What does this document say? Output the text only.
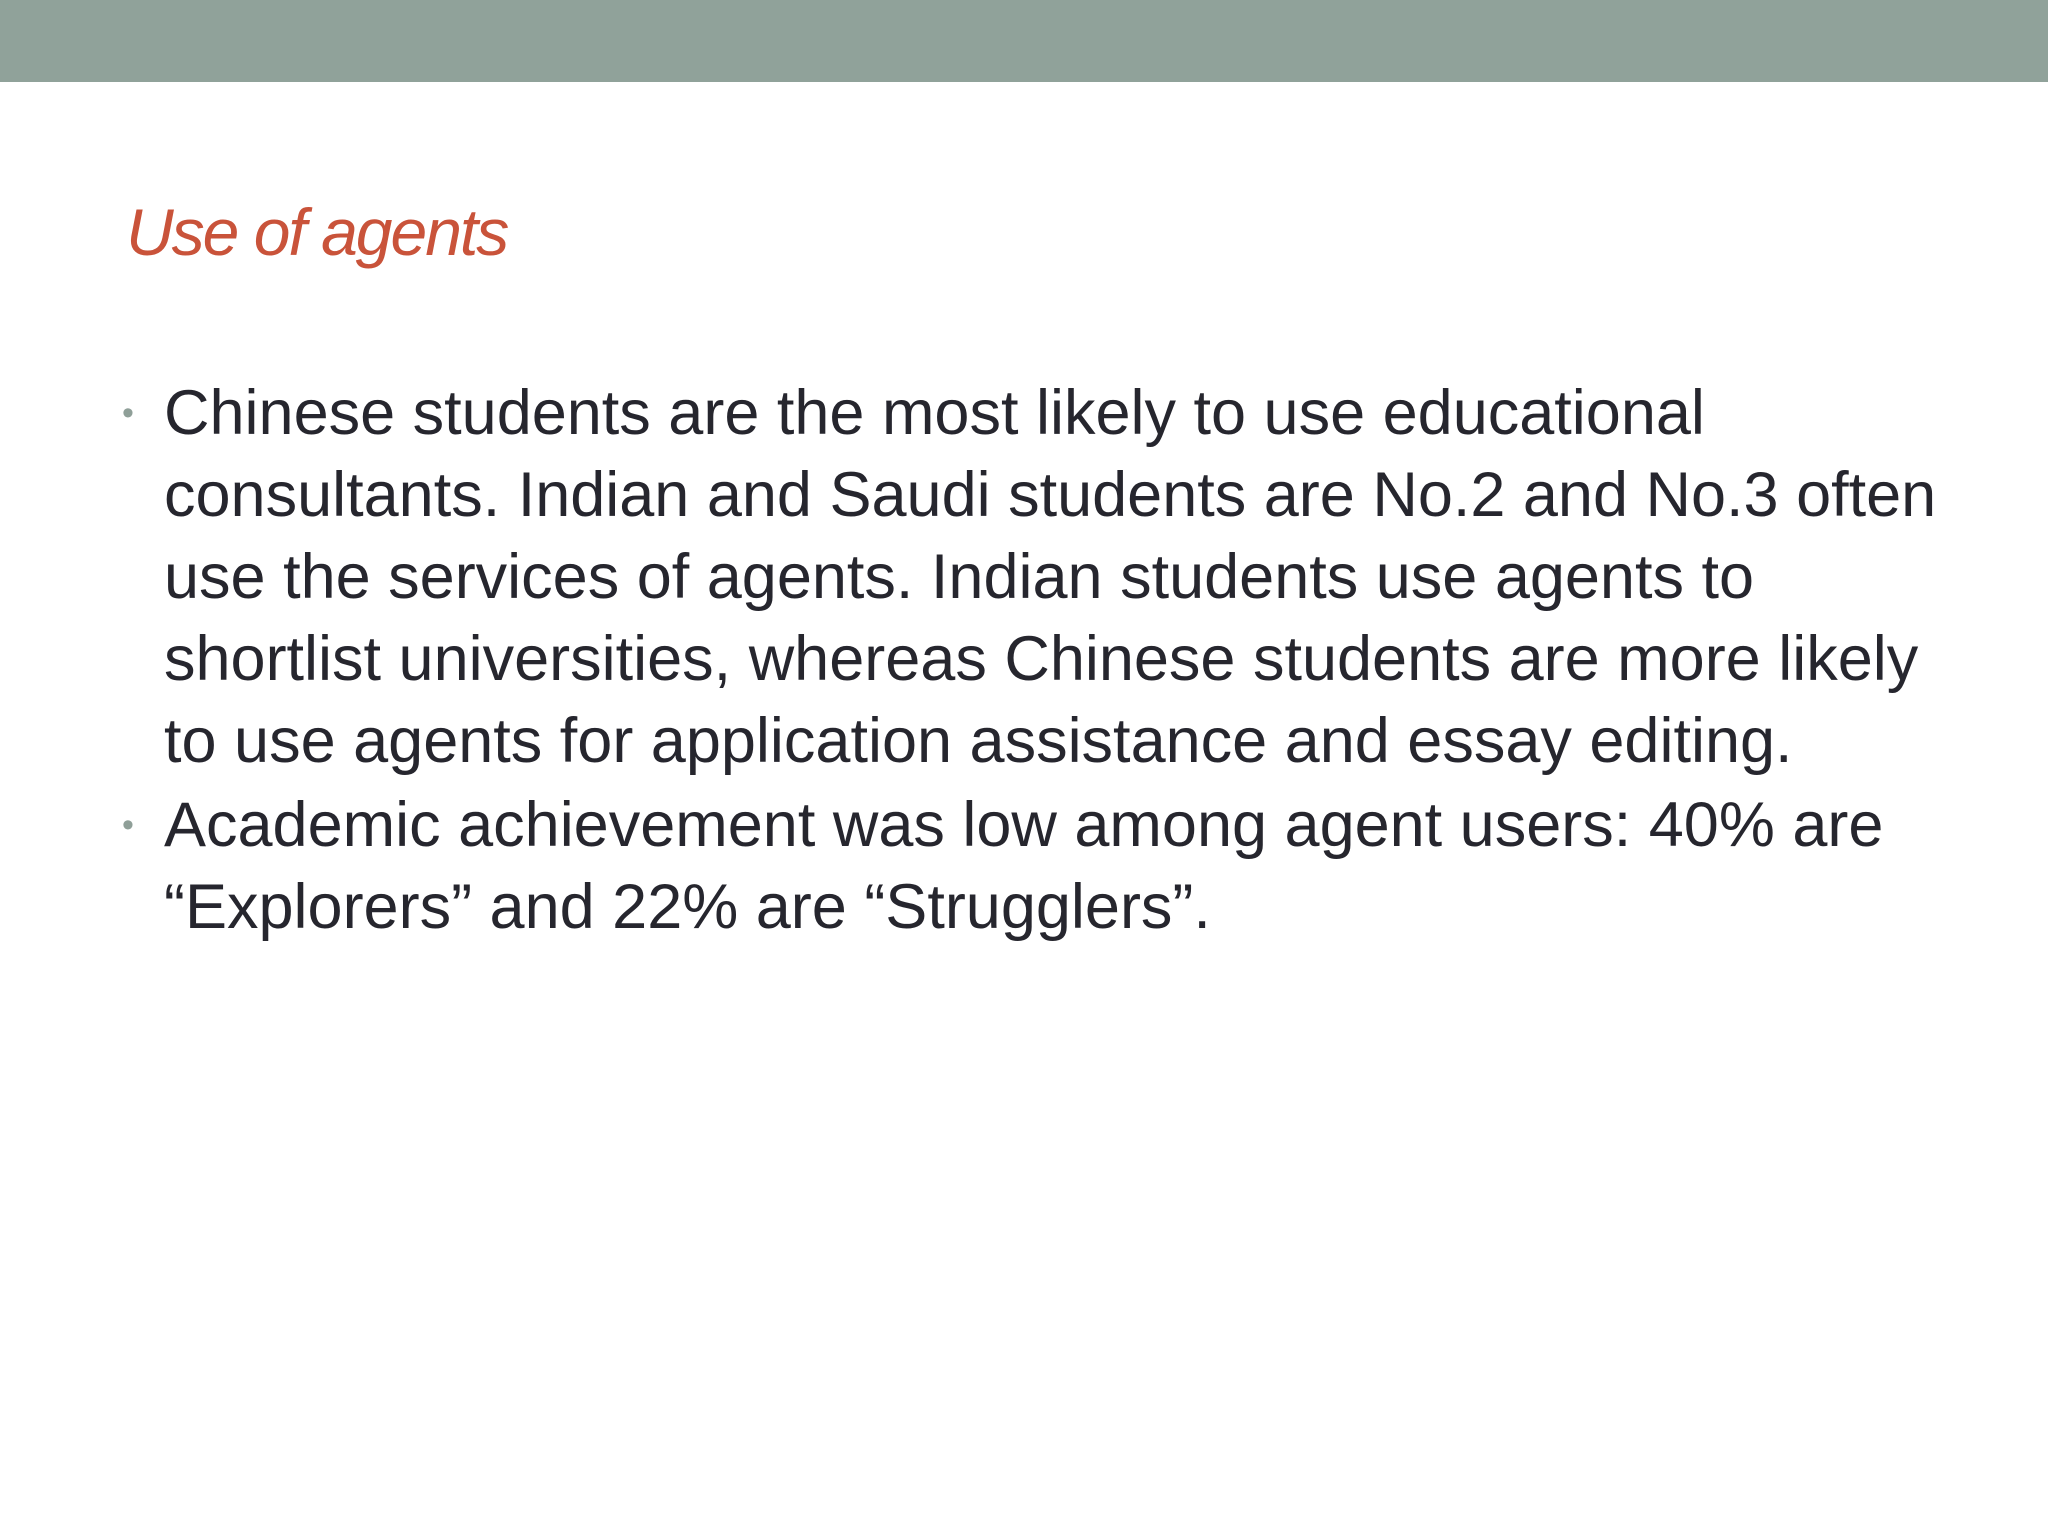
Use of agents
• Chinese students are the most likely to use educational consultants. Indian and Saudi students are No.2 and No.3 often use the services of agents. Indian students use agents to shortlist universities, whereas Chinese students are more likely to use agents for application assistance and essay editing.
• Academic achievement was low among agent users: 40% are “Explorers” and 22% are “Strugglers”.
